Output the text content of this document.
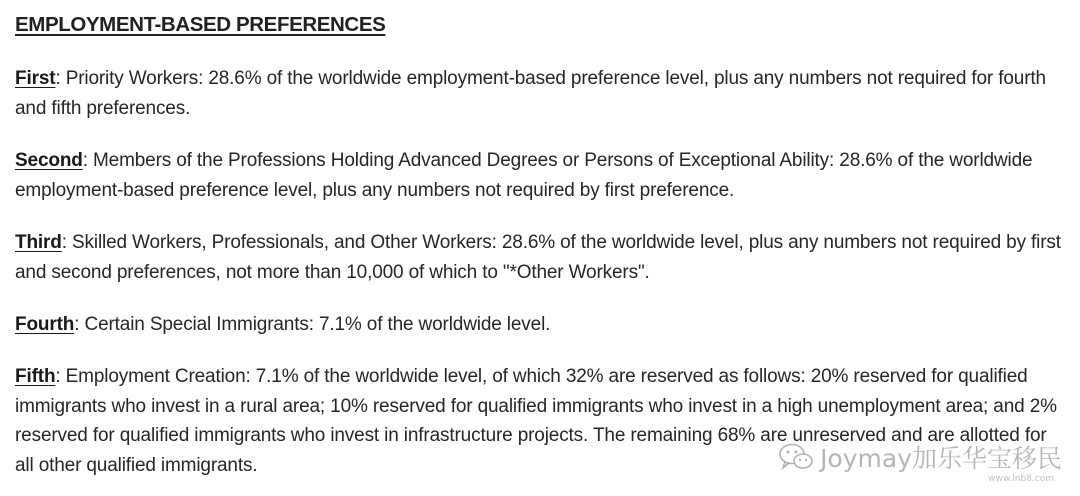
EMPLOYMENT-BASED PREFERENCES

First: Priority Workers: 28.6% of the worldwide employment-based preference level, plus any numbers not required for fourth and fifth preferences.

Second: Members of the Professions Holding Advanced Degrees or Persons of Exceptional Ability: 28.6% of the worldwide employment-based preference level, plus any numbers not required by first preference.

Third: Skilled Workers, Professionals, and Other Workers: 28.6% of the worldwide level, plus any numbers not required by first and second preferences, not more than 10,000 of which to "*Other Workers".

Fourth: Certain Special Immigrants: 7.1% of the worldwide level.

Fifth: Employment Creation: 7.1% of the worldwide level, of which 32% are reserved as follows: 20% reserved for qualified immigrants who invest in a rural area; 10% reserved for qualified immigrants who invest in a high unemployment area; and 2% reserved for qualified immigrants who invest in infrastructure projects. The remaining 68% are unreserved and are allotted for all other qualified immigrants.	Joymay加乐华宝移民
www.lnb8.com
